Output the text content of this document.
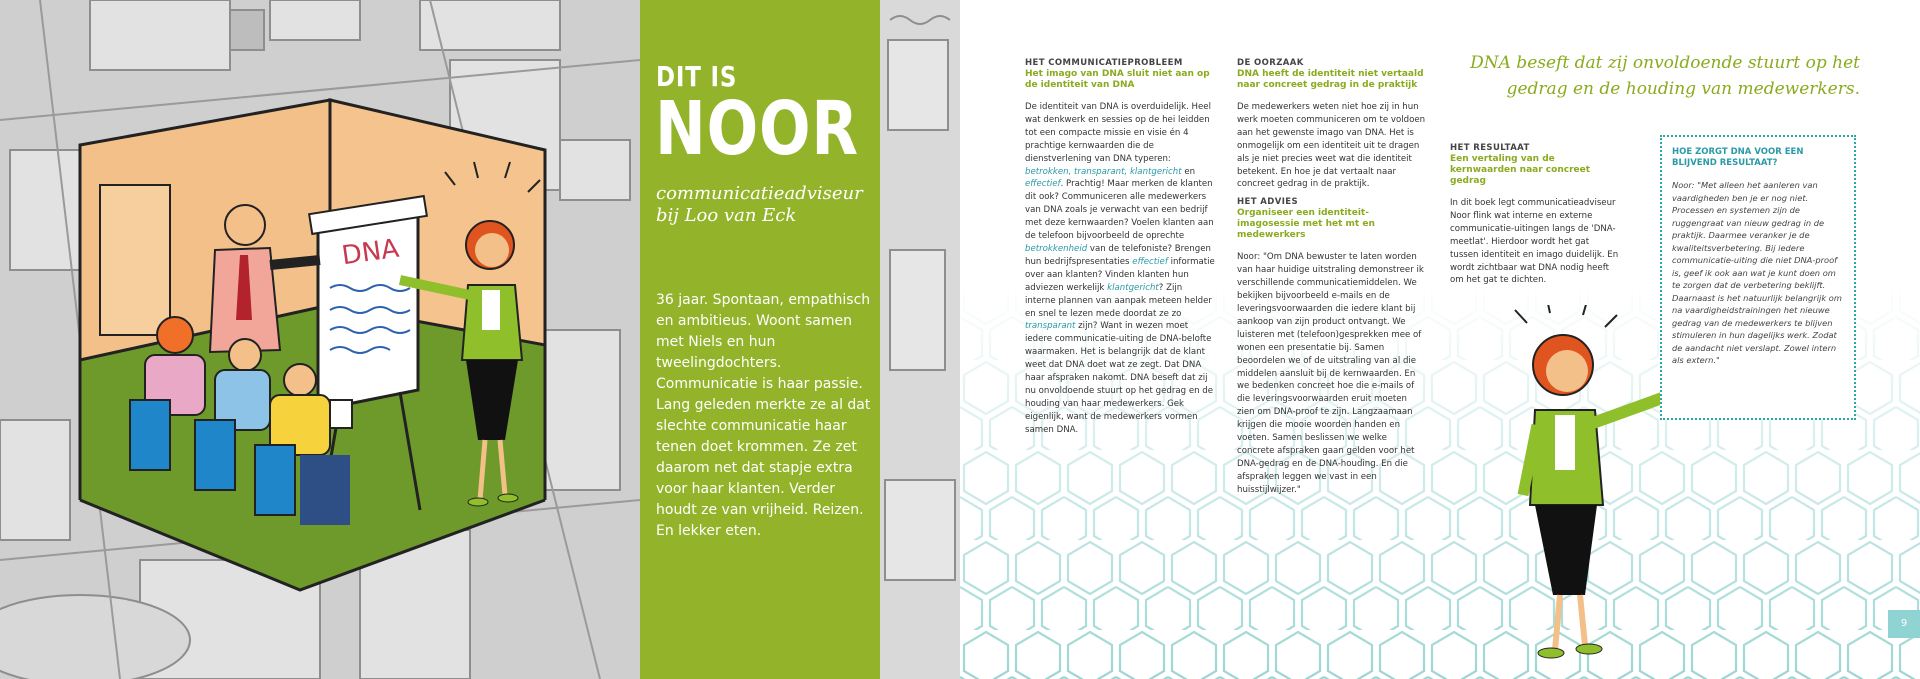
DNA
DIT IS
NOOR
communicatieadviseur bij Loo van Eck
36 jaar. Spontaan, empathisch en ambitieus. Woont samen met Niels en hun tweelingdochters. Communicatie is haar passie. Lang geleden merkte ze al dat slechte communicatie haar tenen doet krommen. Ze zet daarom net dat stapje extra voor haar klanten. Verder houdt ze van vrijheid. Reizen. En lekker eten.
HET COMMUNICATIEPROBLEEM
Het imago van DNA sluit niet aan op de identiteit van DNA
De identiteit van DNA is overduidelijk. Heel wat denkwerk en sessies op de hei leidden tot een compacte missie en visie én 4 prachtige kernwaarden die de dienstverlening van DNA typeren: betrokken, transparant, klantgericht en effectief. Prachtig! Maar merken de klanten dit ook? Communiceren alle medewerkers van DNA zoals je verwacht van een bedrijf met deze kernwaarden? Voelen klanten aan de telefoon bijvoorbeeld de oprechte betrokkenheid van de telefoniste? Brengen hun bedrijfspresentaties effectief informatie over aan klanten? Vinden klanten hun adviezen werkelijk klantgericht? Zijn interne plannen van aanpak meteen helder en snel te lezen mede doordat ze zo transparant zijn? Want in wezen moet iedere communicatie-uiting de DNA-belofte waarmaken. Het is belangrijk dat de klant weet dat DNA doet wat ze zegt. Dat DNA haar afspraken nakomt. DNA beseft dat zij nu onvoldoende stuurt op het gedrag en de houding van haar medewerkers. Gek eigenlijk, want de medewerkers vormen samen DNA.
DE OORZAAK
DNA heeft de identiteit niet vertaald naar concreet gedrag in de praktijk
De medewerkers weten niet hoe zij in hun werk moeten communiceren om te voldoen aan het gewenste imago van DNA. Het is onmogelijk om een identiteit uit te dragen als je niet precies weet wat die identiteit betekent. En hoe je dat vertaalt naar concreet gedrag in de praktijk.
HET ADVIES
Organiseer een identiteit-imagosessie met het mt en medewerkers
Noor: "Om DNA bewuster te laten worden van haar huidige uitstraling demonstreer ik verschillende communicatiemiddelen. We bekijken bijvoorbeeld e-mails en de leveringsvoorwaarden die iedere klant bij aankoop van zijn product ontvangt. We luisteren met (telefoon)gesprekken mee of wonen een presentatie bij. Samen beoordelen we of de uitstraling van al die middelen aansluit bij de kernwaarden. En we bedenken concreet hoe die e-mails of die leveringsvoorwaarden eruit moeten zien om DNA-proof te zijn. Langzaamaan krijgen die mooie woorden handen en voeten. Samen beslissen we welke concrete afspraken gaan gelden voor het DNA-gedrag en de DNA-houding. En die afspraken leggen we vast in een huisstijlwijzer."
DNA beseft dat zij onvoldoende stuurt op het gedrag en de houding van medewerkers.
HET RESULTAAT
Een vertaling van de kernwaarden naar concreet gedrag
In dit boek legt communicatieadviseur Noor flink wat interne en externe communicatie-uitingen langs de 'DNA-meetlat'. Hierdoor wordt het gat tussen identiteit en imago duidelijk. En wordt zichtbaar wat DNA nodig heeft om het gat te dichten.
HOE ZORGT DNA VOOR EEN BLIJVEND RESULTAAT?
Noor: "Met alleen het aanleren van vaardigheden ben je er nog niet. Processen en systemen zijn de ruggengraat van nieuw gedrag in de praktijk. Daarmee veranker je de kwaliteitsverbetering. Bij iedere communicatie-uiting die niet DNA-proof is, geef ik ook aan wat je kunt doen om te zorgen dat de verbetering beklijft. Daarnaast is het natuurlijk belangrijk om na vaardigheidstrainingen het nieuwe gedrag van de medewerkers te blijven stimuleren in hun dagelijks werk. Zodat de aandacht niet verslapt. Zowel intern als extern."
9
